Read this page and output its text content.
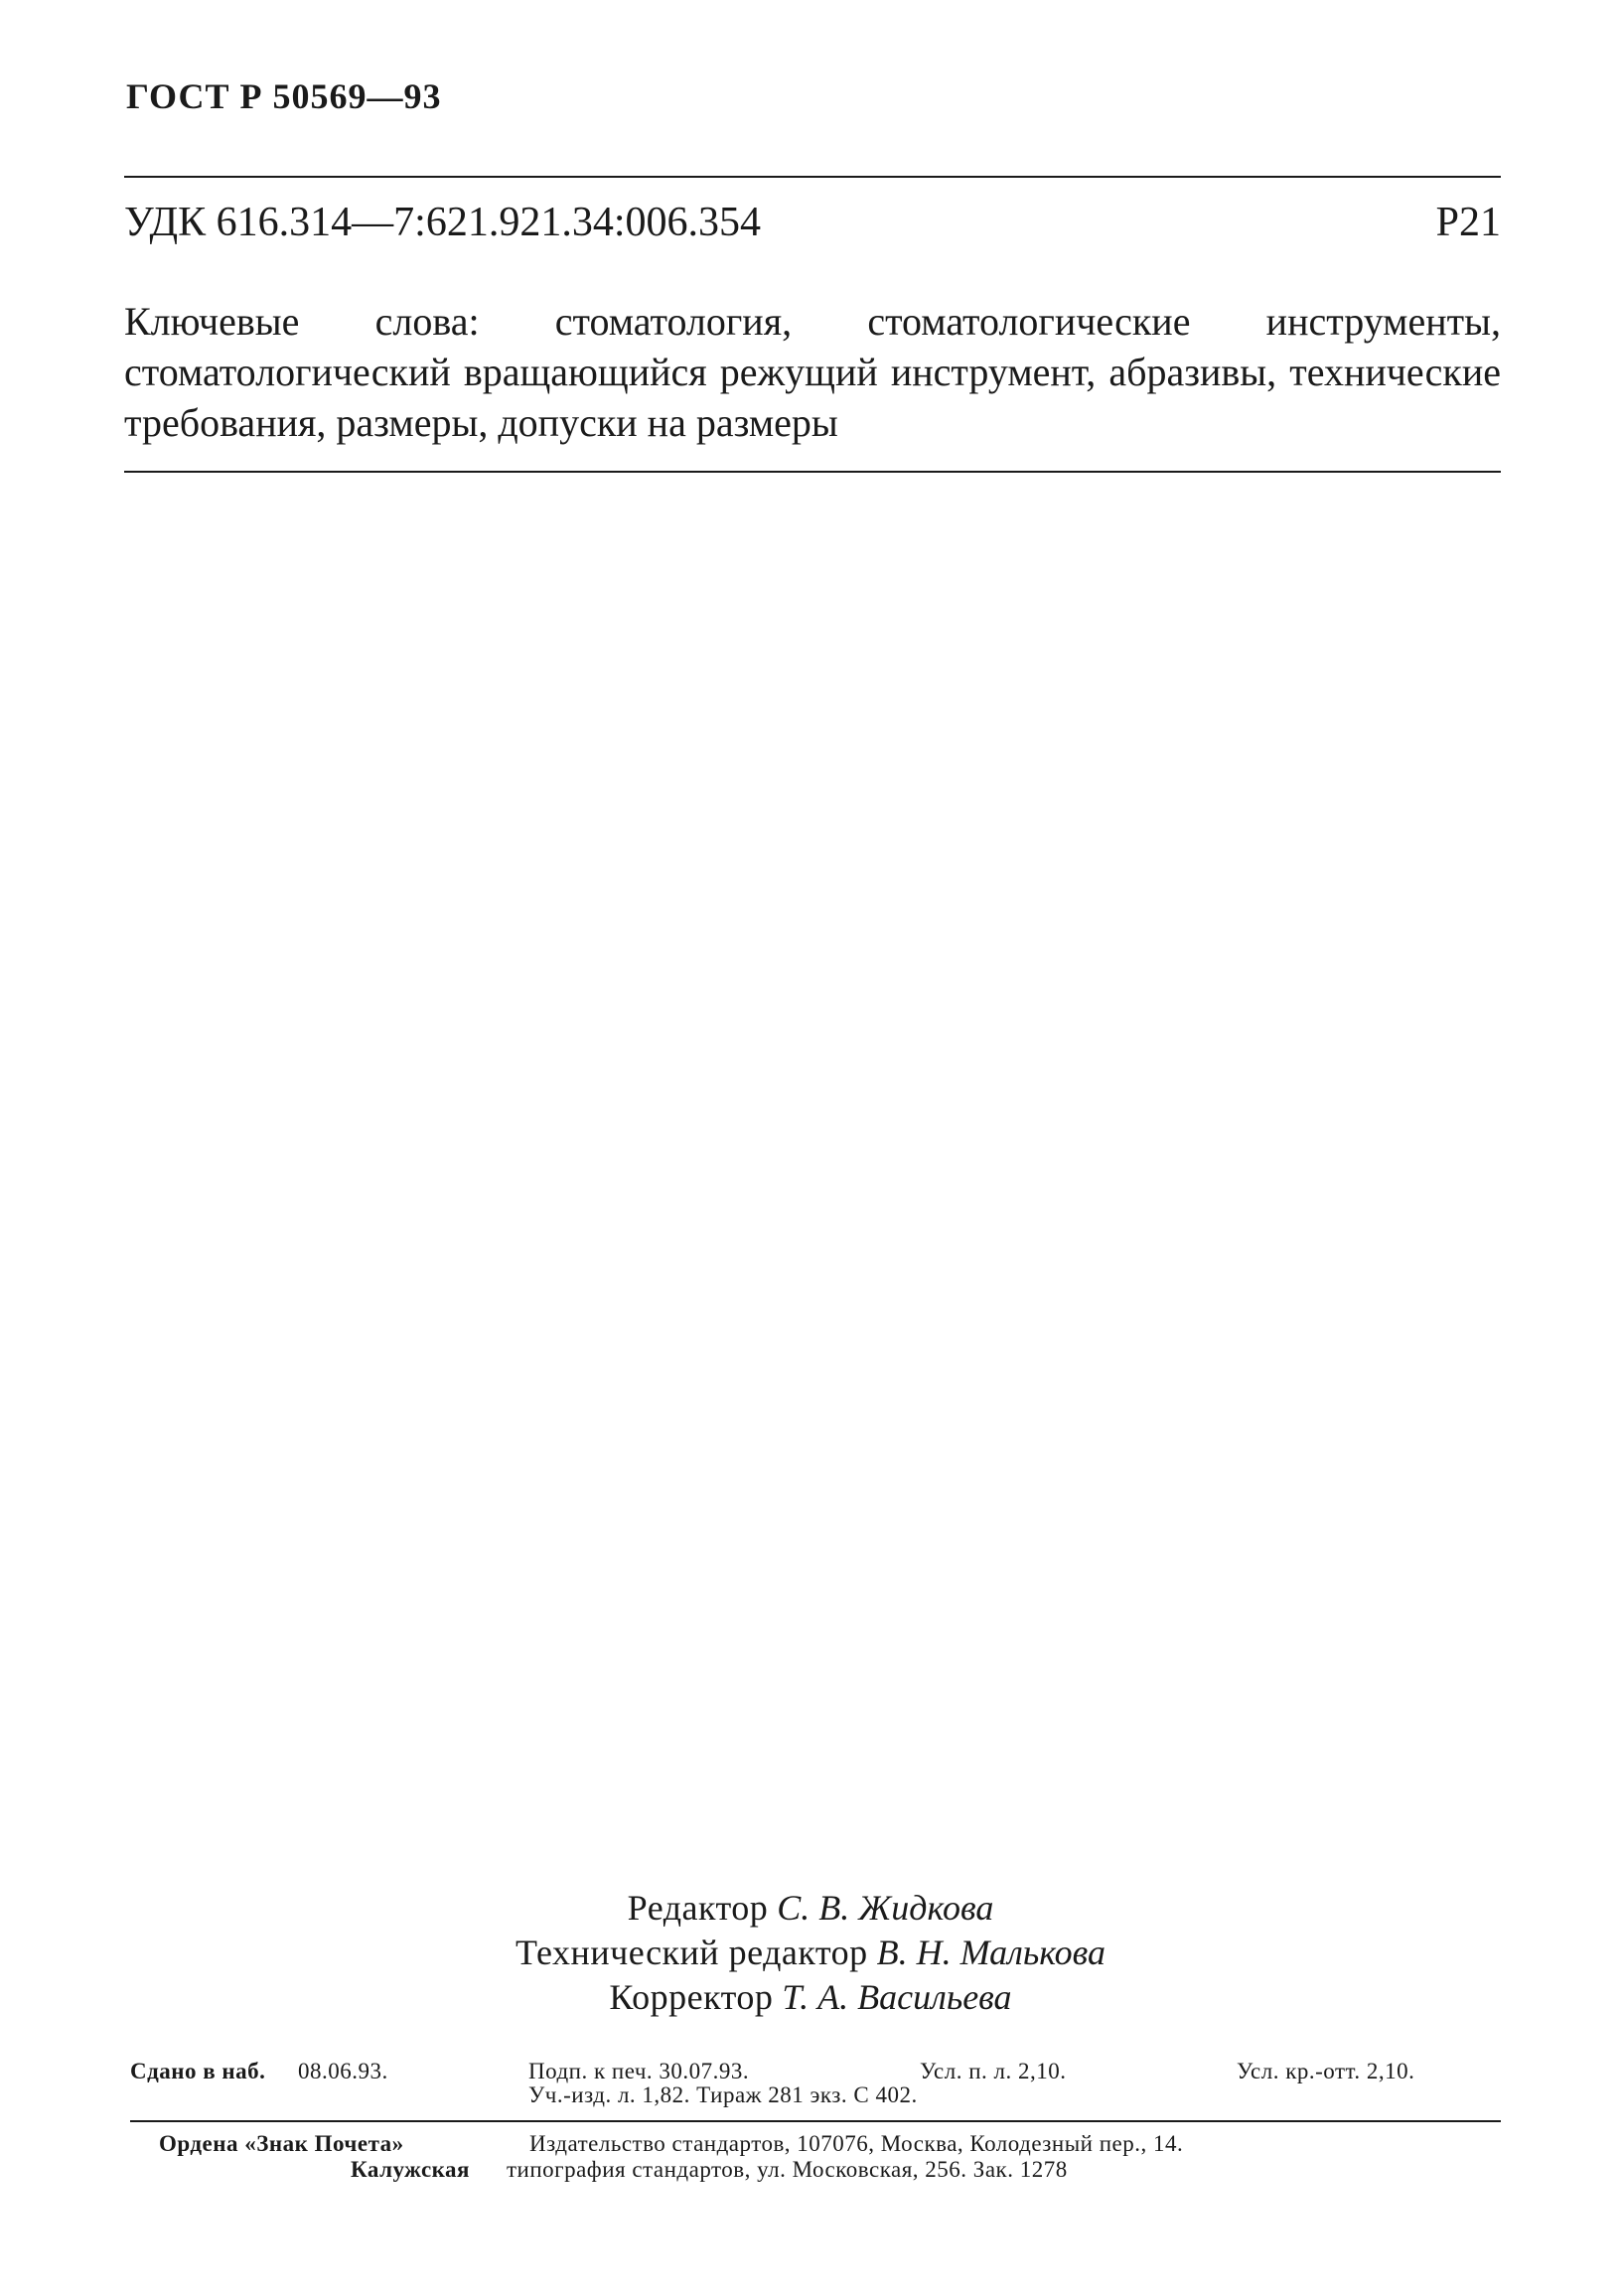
ГОСТ Р 50569—93
УДК 616.314—7:621.921.34:006.354	Р21
Ключевые слова: стоматология, стоматологические инструменты, стоматологический вращающийся режущий инструмент, абразивы, технические требования, размеры, допуски на размеры
Редактор С. В. Жидкова
Технический редактор В. Н. Малькова
Корректор Т. А. Васильева
Сдано в наб. 08.06.93.	Подп. к печ. 30.07.93.	Усл. п. л. 2,10.	Усл. кр.-отт. 2,10.
Уч.-изд. л. 1,82. Тираж 281 экз. С 402.
Ордена «Знак Почета»	Издательство стандартов, 107076, Москва, Колодезный пер., 14.
Калужская типография стандартов, ул. Московская, 256. Зак. 1278
